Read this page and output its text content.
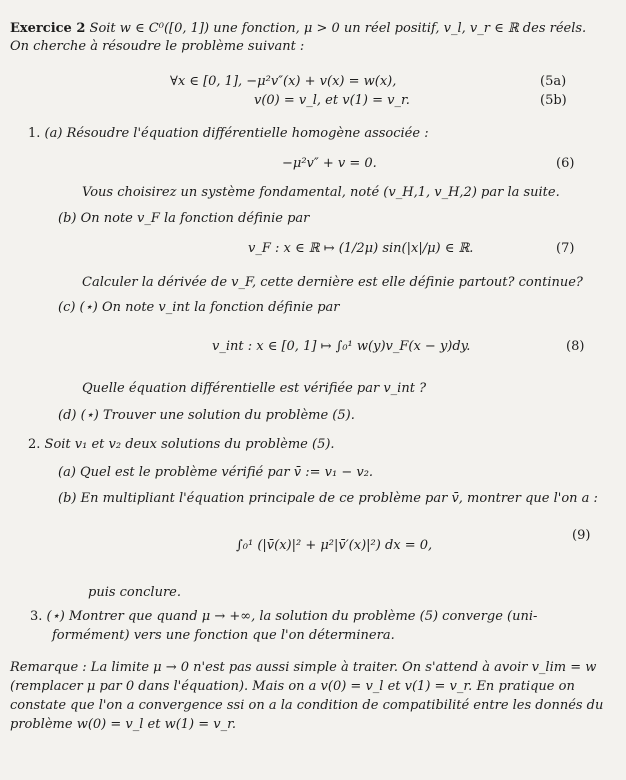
Exercice 2 Soit w ∈ C⁰([0, 1]) une fonction, μ > 0 un réel positif, v_l, v_r ∈ ℝ des réels.
On cherche à résoudre le problème suivant :
∀x ∈ [0, 1], −μ²v″(x) + v(x) = w(x),	(5a)
v(0) = v_l, et v(1) = v_r.	(5b)
1. (a) Résoudre l'équation différentielle homogène associée :
−μ²v″ + v = 0.	(6)
Vous choisirez un système fondamental, noté (v_H,1, v_H,2) par la suite.
(b) On note v_F la fonction définie par
v_F : x ∈ ℝ ↦ (1/2μ) sin(|x|/μ) ∈ ℝ.	(7)
Calculer la dérivée de v_F, cette dernière est elle définie partout? continue?
(c) (⋆) On note v_int la fonction définie par
v_int : x ∈ [0, 1] ↦ ∫₀¹ w(y)v_F(x − y)dy.	(8)
Quelle équation différentielle est vérifiée par v_int ?
(d) (⋆) Trouver une solution du problème (5).
2. Soit v₁ et v₂ deux solutions du problème (5).
(a) Quel est le problème vérifié par v̄ := v₁ − v₂.
(b) En multipliant l'équation principale de ce problème par v̄, montrer que l'on a :
∫₀¹ (|v̄(x)|² + μ²|v̄′(x)|²) dx = 0,
(9)
puis conclure.
3. (⋆) Montrer que quand μ → +∞, la solution du problème (5) converge (uni-
formément) vers une fonction que l'on déterminera.
Remarque : La limite μ → 0 n'est pas aussi simple à traiter. On s'attend à avoir v_lim = w
(remplacer μ par 0 dans l'équation). Mais on a v(0) = v_l et v(1) = v_r. En pratique on
constate que l'on a convergence ssi on a la condition de compatibilité entre les donnés du
problème w(0) = v_l et w(1) = v_r.
